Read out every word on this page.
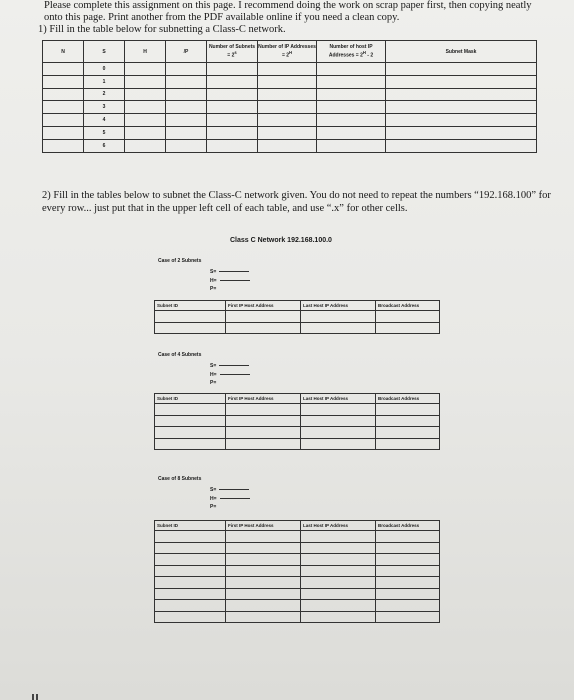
Please complete this assignment on this page. I recommend doing the work on scrap paper first, then copying neatly onto this page. Print another from the PDF available online if you need a clean copy.
1) Fill in the table below for subnetting a Class-C network.
N	S	H	/P	Number of Subnets = $2^s$	Number of IP Addresses = $2^H$	Number of host IP Addresses = $2^H - 2$	Subnet Mask
	0						
	1						
	2						
	3						
	4						
	5						
	6						
2) Fill in the tables below to subnet the Class-C network given. You do not need to repeat the numbers “192.168.100” for every row... just put that in the upper left cell of each table, and use “.x” for other cells.
Class C Network 192.168.100.0
Case of 2 Subnets
S=
H=
P=
Subnet ID	First IP Host Address	Last Host IP Address	Broadcast Address

Case of 4 Subnets
S=
H=
P=
Subnet ID	First IP Host Address	Last Host IP Address	Broadcast Address

Case of 8 Subnets
S=
H=
P=
Subnet ID	First IP Host Address	Last Host IP Address	Broadcast Address
